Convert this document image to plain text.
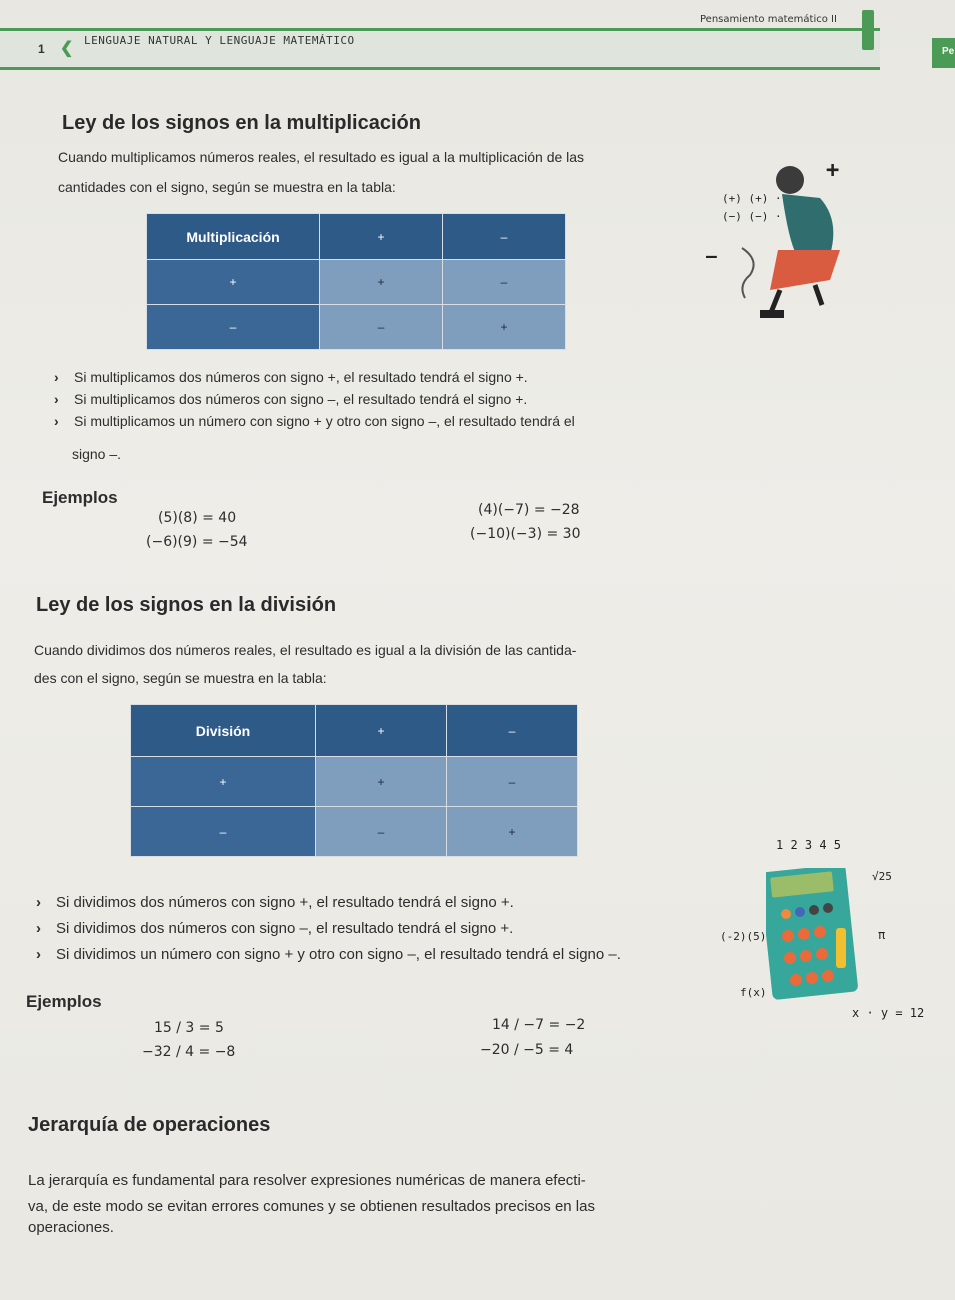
1 ❮ LENGUAJE NATURAL Y LENGUAJE MATEMÁTICO
Pensamiento matemático II
Pe
Ley de los signos en la multiplicación

Cuando multiplicamos números reales, el resultado es igual a la multiplicación de las

cantidades con el signo, según se muestra en la tabla:

Multiplicación	+	–
+	+	–
–	–	+
› Si multiplicamos dos números con signo +, el resultado tendrá el signo +.
› Si multiplicamos dos números con signo –, el resultado tendrá el signo +.
› Si multiplicamos un número con signo + y otro con signo –, el resultado tendrá el
signo –.
Ejemplos
(5)(8) = 40
(−6)(9) = −54
(4)(−7) = −28
(−10)(−3) = 30
Ley de los signos en la división

Cuando dividimos dos números reales, el resultado es igual a la división de las cantida-

des con el signo, según se muestra en la tabla:

División	+	–
+	+	–
–	–	+
› Si dividimos dos números con signo +, el resultado tendrá el signo +.
› Si dividimos dos números con signo –, el resultado tendrá el signo +.
› Si dividimos un número con signo + y otro con signo –, el resultado tendrá el signo –.
Ejemplos
15 / 3 = 5
−32 / 4 = −8
14 / −7 = −2
−20 / −5 = 4
Jerarquía de operaciones

La jerarquía es fundamental para resolver expresiones numéricas de manera efecti-

va, de este modo se evitan errores comunes y se obtienen resultados precisos en las

operaciones.

(+) (+) ·
(−) (−) ·
+
—
1 2 3 4 5
√25
(-2)(5)
f(x)
π
x · y = 12
